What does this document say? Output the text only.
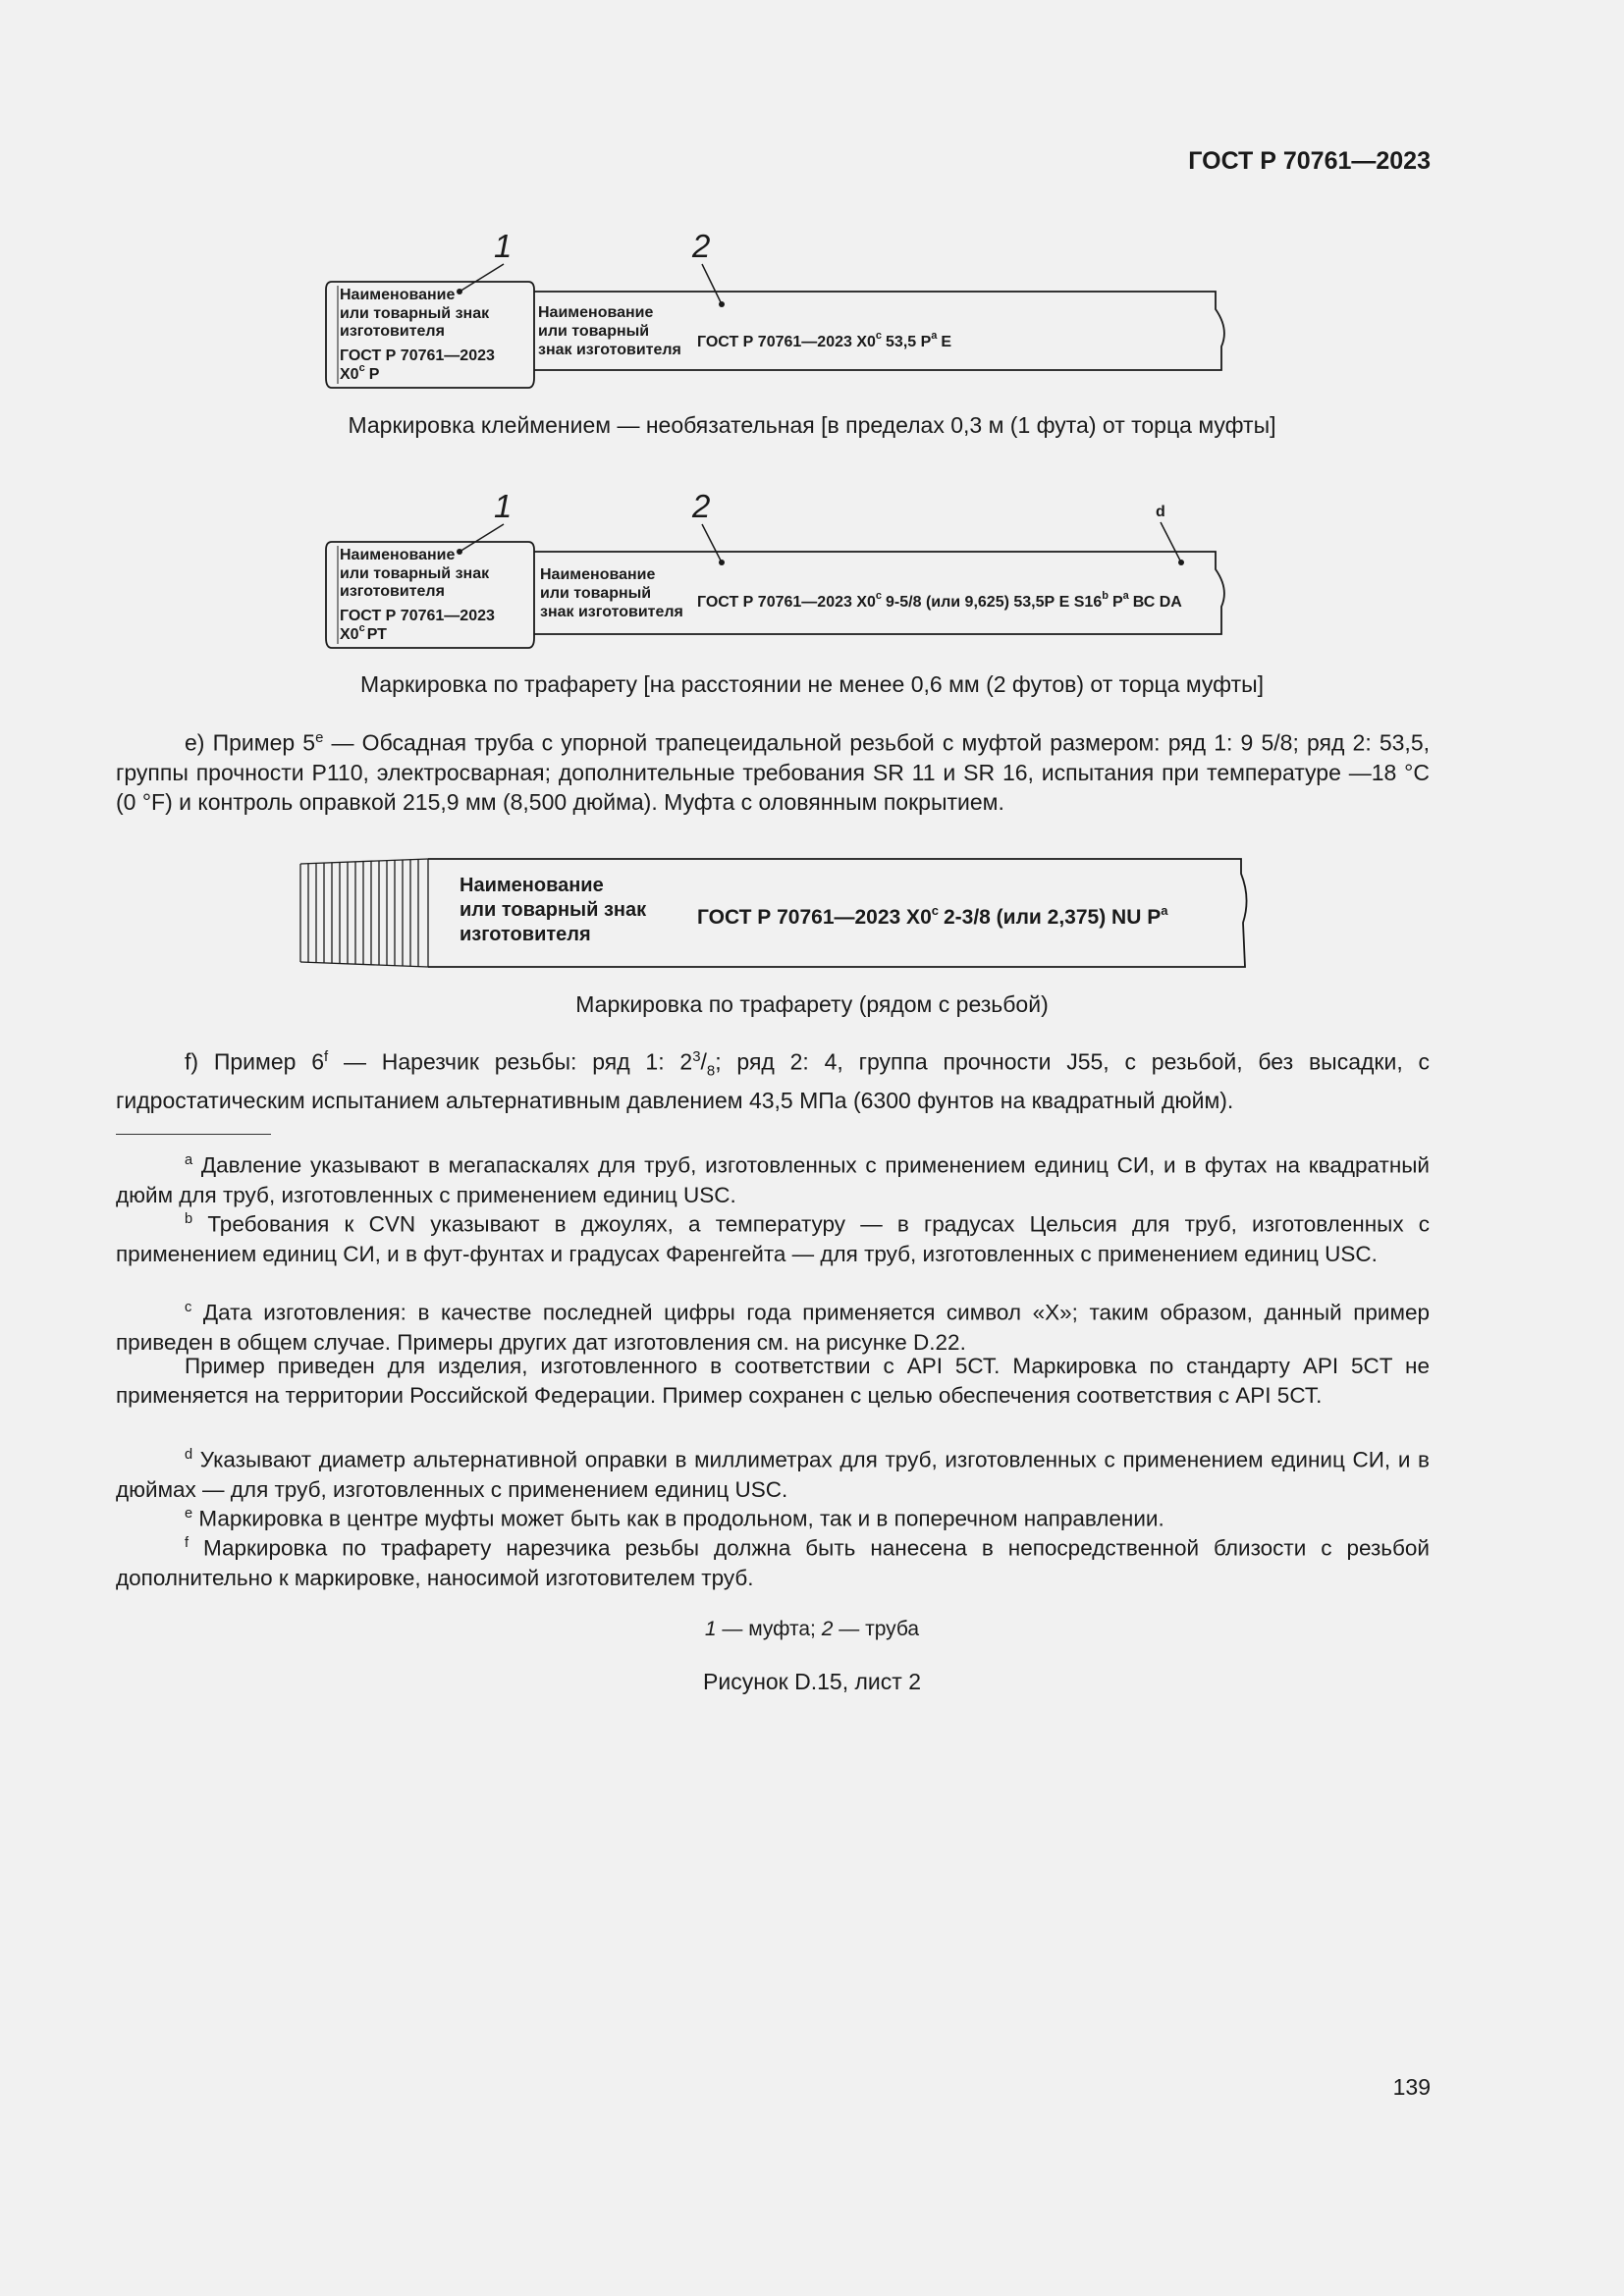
ГОСТ Р 70761—2023
1	2
Наименование
или товарный знак
изготовителя
ГОСТ Р 70761—2023
$Х0^с$ Р
Наименование
или товарный
знак изготовителя ГОСТ Р 70761—2023 $Х0^с$ 53,5 $Р^а$ Е
Маркировка клеймением — необязательная [в пределах 0,3 м (1 фута) от торца муфты]
1	2	d
Наименование
или товарный знак
изготовителя
ГОСТ Р 70761—2023
$Х0^с$ РТ
Наименование
или товарный
знак изготовителя
ГОСТ Р 70761—2023 $Х0^с$ 9-5/8 (или 9,625) 53,5Р Е S16$^b$ $Р^а$ ВС DA
Маркировка по трафарету [на расстоянии не менее 0,6 мм (2 футов) от торца муфты]
е) Пример $5^е$ — Обсадная труба с упорной трапецеидальной резьбой с муфтой размером: ряд 1: 9 5/8; ряд 2: 53,5, группы прочности Р110, электросварная; дополнительные требования SR 11 и SR 16, испытания при температуре —18 °С (0 °F) и контроль оправкой 215,9 мм (8,500 дюйма). Муфта с оловянным покрытием.
Наименование
или товарный знак
изготовителя
ГОСТ Р 70761—2023 $Х0^с$ 2-3/8 (или 2,375) NU $Р^а$
Маркировка по трафарету (рядом с резьбой)
f) Пример 6$^f$ — Нарезчик резьбы: ряд 1: $2^3/_8$; ряд 2: 4, группа прочности J55, с резьбой, без высадки, с гидростатическим испытанием альтернативным давлением 43,5 МПа (6300 фунтов на квадратный дюйм).
$^a$ Давление указывают в мегапаскалях для труб, изготовленных с применением единиц СИ, и в футах на квадратный дюйм для труб, изготовленных с применением единиц USC.
$^b$ Требования к CVN указывают в джоулях, а температуру — в градусах Цельсия для труб, изготовленных с применением единиц СИ, и в фут-фунтах и градусах Фаренгейта — для труб, изготовленных с применением единиц USC.
$^c$ Дата изготовления: в качестве последней цифры года применяется символ «Х»; таким образом, данный пример приведен в общем случае. Примеры других дат изготовления см. на рисунке D.22.
Пример приведен для изделия, изготовленного в соответствии с API 5СТ. Маркировка по стандарту API 5CT не применяется на территории Российской Федерации. Пример сохранен с целью обеспечения соответствия с API 5СТ.
$^d$ Указывают диаметр альтернативной оправки в миллиметрах для труб, изготовленных с применением единиц СИ, и в дюймах — для труб, изготовленных с применением единиц USC.
$^e$ Маркировка в центре муфты может быть как в продольном, так и в поперечном направлении.
$^f$ Маркировка по трафарету нарезчика резьбы должна быть нанесена в непосредственной близости с резьбой дополнительно к маркировке, наносимой изготовителем труб.
1 — муфта; 2 — труба
Рисунок D.15, лист 2
139
